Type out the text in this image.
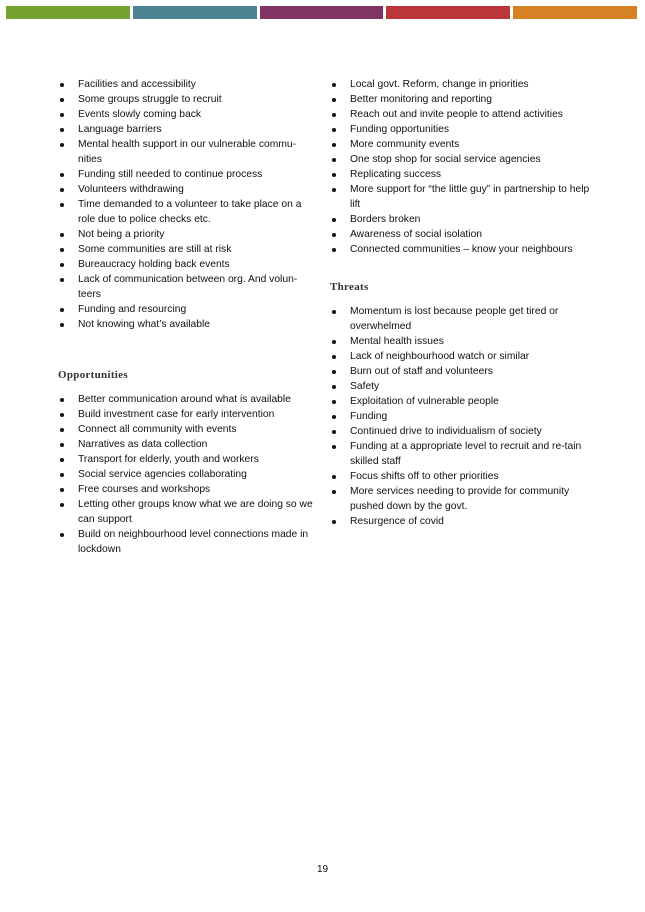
Facilities and accessibility
Some groups struggle to recruit
Events slowly coming back
Language barriers
Mental health support in our vulnerable commu-nities
Funding still needed to continue process
Volunteers withdrawing
Time demanded to a volunteer to take place on a role due to police checks etc.
Not being a priority
Some communities are still at risk
Bureaucracy holding back events
Lack of communication between org. And volun-teers
Funding and resourcing
Not knowing what’s available
Opportunities
Better communication around what is available
Build investment case for early intervention
Connect all community with events
Narratives as data collection
Transport for elderly, youth and workers
Social service agencies collaborating
Free courses and workshops
Letting other groups know what we are doing so we can support
Build on neighbourhood level connections made in lockdown
Local govt. Reform, change in priorities
Better monitoring and reporting
Reach out and invite people to attend activities
Funding opportunities
More community events
One stop shop for social service agencies
Replicating success
More support for “the little guy” in partnership to help lift
Borders broken
Awareness of social isolation
Connected communities – know your neighbours
Threats
Momentum is lost because people get tired or overwhelmed
Mental health issues
Lack of neighbourhood watch or similar
Burn out of staff and volunteers
Safety
Exploitation of vulnerable people
Funding
Continued drive to individualism of society
Funding at a appropriate level to recruit and re-tain skilled staff
Focus shifts off to other priorities
More services needing to provide for community pushed down by the govt.
Resurgence of covid
19
